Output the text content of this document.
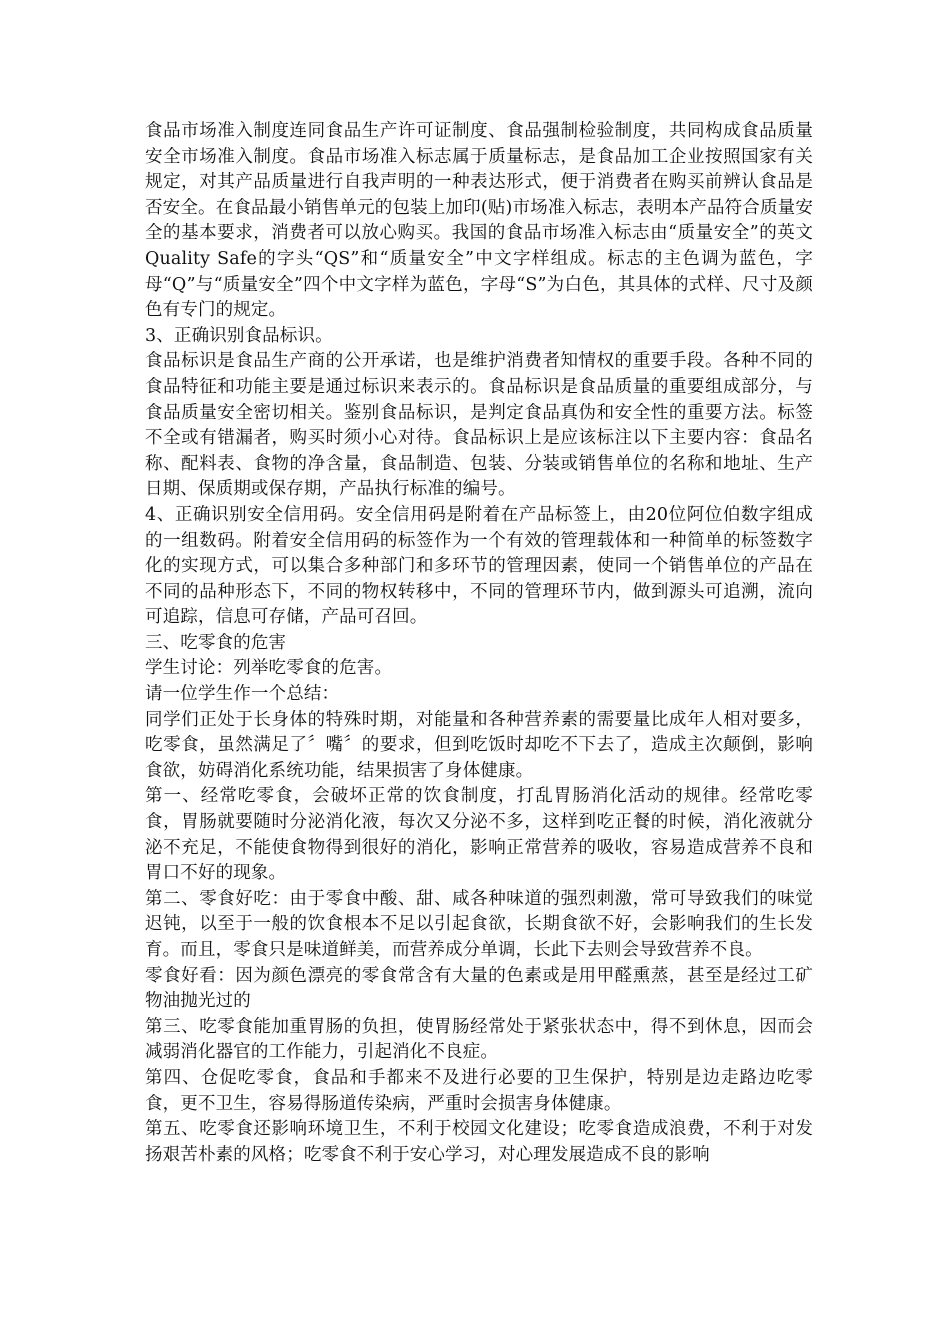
食品市场准入制度连同食品生产许可证制度、食品强制检验制度，共同构成食品质量安全市场准入制度。食品市场准入标志属于质量标志，是食品加工企业按照国家有关规定，对其产品质量进行自我声明的一种表达形式，便于消费者在购买前辨认食品是否安全。在食品最小销售单元的包装上加印(贴)市场准入标志，表明本产品符合质量安全的基本要求，消费者可以放心购买。我国的食品市场准入标志由“质量安全”的英文Quality Safe的字头“QS”和“质量安全”中文字样组成。标志的主色调为蓝色，字母“Q”与“质量安全”四个中文字样为蓝色，字母“S”为白色，其具体的式样、尺寸及颜色有专门的规定。

3、正确识别食品标识。

食品标识是食品生产商的公开承诺，也是维护消费者知情权的重要手段。各种不同的食品特征和功能主要是通过标识来表示的。食品标识是食品质量的重要组成部分，与食品质量安全密切相关。鉴别食品标识，是判定食品真伪和安全性的重要方法。标签不全或有错漏者，购买时须小心对待。食品标识上是应该标注以下主要内容：食品名称、配料表、食物的净含量，食品制造、包装、分装或销售单位的名称和地址、生产日期、保质期或保存期，产品执行标准的编号。

4、正确识别安全信用码。安全信用码是附着在产品标签上，由20位阿位伯数字组成的一组数码。附着安全信用码的标签作为一个有效的管理载体和一种简单的标签数字化的实现方式，可以集合多种部门和多环节的管理因素，使同一个销售单位的产品在不同的品种形态下，不同的物权转移中，不同的管理环节内，做到源头可追溯，流向可追踪，信息可存储，产品可召回。

三、吃零食的危害

学生讨论：列举吃零食的危害。

请一位学生作一个总结：

同学们正处于长身体的特殊时期，对能量和各种营养素的需要量比成年人相对要多，吃零食，虽然满足了〞嘴〞的要求，但到吃饭时却吃不下去了，造成主次颠倒，影响食欲，妨碍消化系统功能，结果损害了身体健康。

第一、经常吃零食，会破坏正常的饮食制度，打乱胃肠消化活动的规律。经常吃零食，胃肠就要随时分泌消化液，每次又分泌不多，这样到吃正餐的时候，消化液就分泌不充足，不能使食物得到很好的消化，影响正常营养的吸收，容易造成营养不良和胃口不好的现象。

第二、零食好吃：由于零食中酸、甜、咸各种味道的强烈刺激，常可导致我们的味觉迟钝，以至于一般的饮食根本不足以引起食欲，长期食欲不好，会影响我们的生长发育。而且，零食只是味道鲜美，而营养成分单调，长此下去则会导致营养不良。

零食好看：因为颜色漂亮的零食常含有大量的色素或是用甲醛熏蒸，甚至是经过工矿物油抛光过的

第三、吃零食能加重胃肠的负担，使胃肠经常处于紧张状态中，得不到休息，因而会减弱消化器官的工作能力，引起消化不良症。

第四、仓促吃零食，食品和手都来不及进行必要的卫生保护，特别是边走路边吃零食，更不卫生，容易得肠道传染病，严重时会损害身体健康。

第五、吃零食还影响环境卫生，不利于校园文化建设；吃零食造成浪费，不利于对发扬艰苦朴素的风格；吃零食不利于安心学习，对心理发展造成不良的影响
